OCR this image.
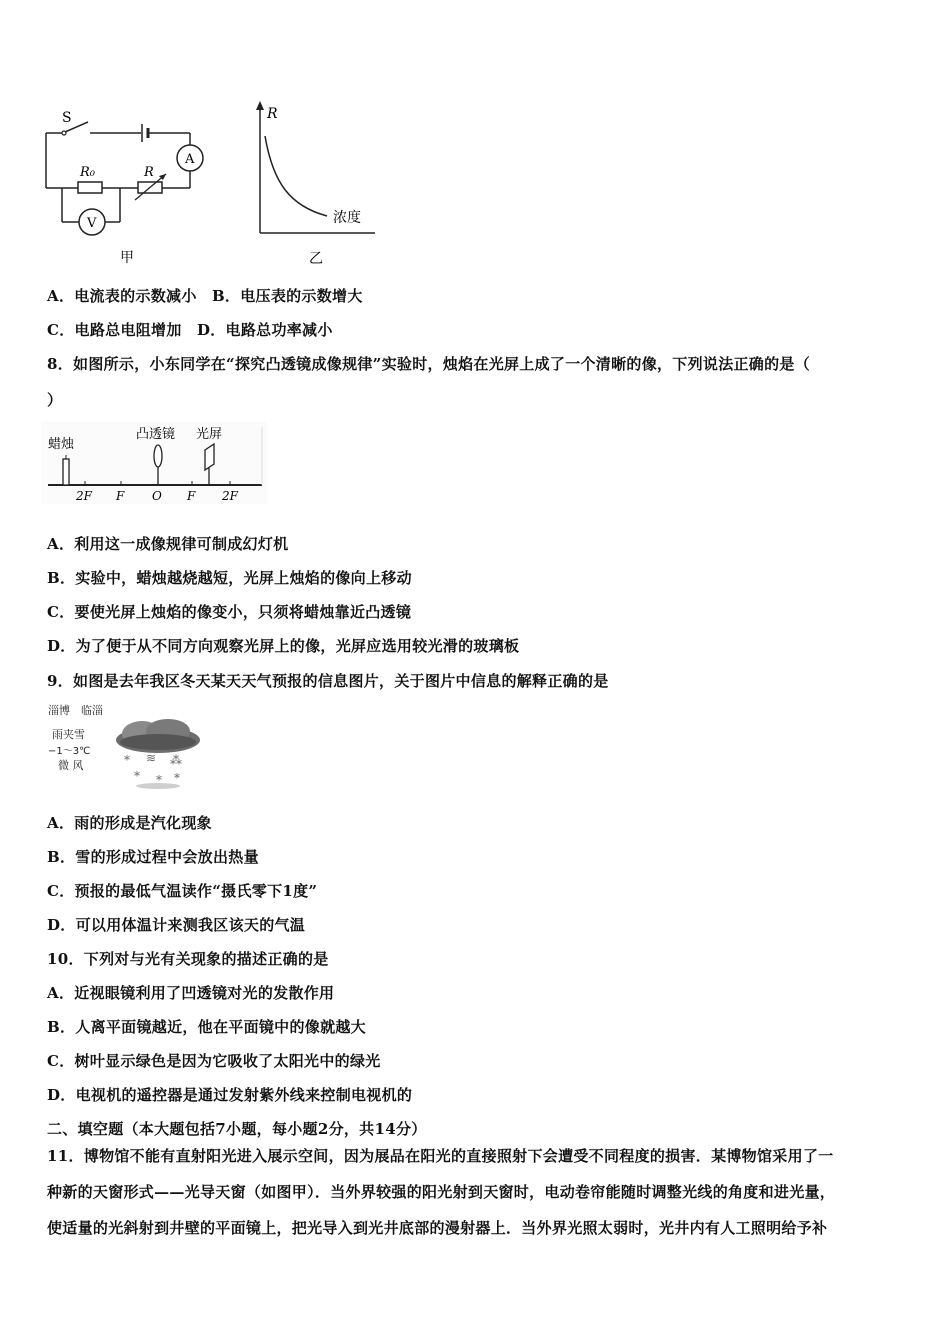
S
A
V
R₀	R
甲
R
浓度
乙
A．电流表的示数减小　B．电压表的示数增大
C．电路总电阻增加　D．电路总功率减小
8．如图所示，小东同学在“探究凸透镜成像规律”实验时，烛焰在光屏上成了一个清晰的像，下列说法正确的是（
）
蜡烛
凸透镜 光屏
2F F O F 2F
A．利用这一成像规律可制成幻灯机
B．实验中，蜡烛越烧越短，光屏上烛焰的像向上移动
C．要使光屏上烛焰的像变小，只须将蜡烛靠近凸透镜
D．为了便于从不同方向观察光屏上的像，光屏应选用较光滑的玻璃板
9．如图是去年我区冬天某天天气预报的信息图片，关于图片中信息的解释正确的是
淄博　临淄
雨夹雪
−1～3℃
微 风	* ≋ ⁂
* ⁎ *
A．雨的形成是汽化现象
B．雪的形成过程中会放出热量
C．预报的最低气温读作“摄氏零下1度”
D．可以用体温计来测我区该天的气温
10．下列对与光有关现象的描述正确的是
A．近视眼镜利用了凹透镜对光的发散作用
B．人离平面镜越近，他在平面镜中的像就越大
C．树叶显示绿色是因为它吸收了太阳光中的绿光
D．电视机的遥控器是通过发射紫外线来控制电视机的
二、填空题（本大题包括7小题，每小题2分，共14分）
11．博物馆不能有直射阳光进入展示空间，因为展品在阳光的直接照射下会遭受不同程度的损害．某博物馆采用了一
种新的天窗形式——光导天窗（如图甲）．当外界较强的阳光射到天窗时，电动卷帘能随时调整光线的角度和进光量，
使适量的光斜射到井壁的平面镜上，把光导入到光井底部的漫射器上．当外界光照太弱时，光井内有人工照明给予补
